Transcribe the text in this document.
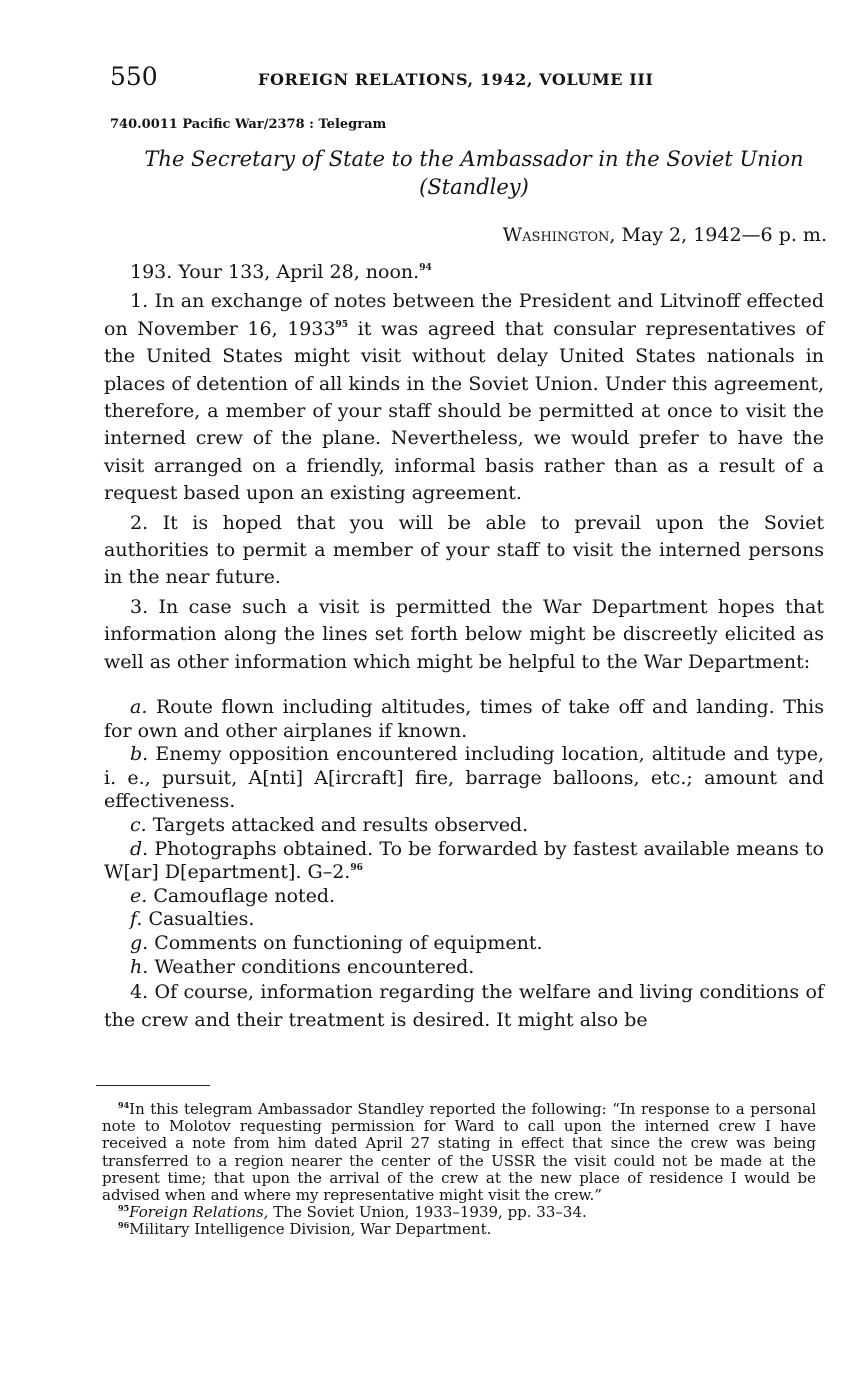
550	FOREIGN RELATIONS, 1942, VOLUME III
740.0011 Pacific War/2378 : Telegram
The Secretary of State to the Ambassador in the Soviet Union
(Standley)
Washington, May 2, 1942—6 p. m.

193. Your 133, April 28, noon.$^{94}$

1. In an exchange of notes between the President and Litvinoff effected on November 16, 1933$^{95}$ it was agreed that consular representatives of the United States might visit without delay United States nationals in places of detention of all kinds in the Soviet Union. Under this agreement, therefore, a member of your staff should be permitted at once to visit the interned crew of the plane. Nevertheless, we would prefer to have the visit arranged on a friendly, informal basis rather than as a result of a request based upon an existing agreement.

2. It is hoped that you will be able to prevail upon the Soviet authorities to permit a member of your staff to visit the interned persons in the near future.

3. In case such a visit is permitted the War Department hopes that information along the lines set forth below might be discreetly elicited as well as other information which might be helpful to the War Department:

a. Route flown including altitudes, times of take off and landing. This for own and other airplanes if known.

b. Enemy opposition encountered including location, altitude and type, i. e., pursuit, A[nti] A[ircraft] fire, barrage balloons, etc.; amount and effectiveness.

c. Targets attacked and results observed.

d. Photographs obtained. To be forwarded by fastest available means to W[ar] D[epartment]. G–2.96

e. Camouflage noted.

f. Casualties.

g. Comments on functioning of equipment.

h. Weather conditions encountered.

4. Of course, information regarding the welfare and living conditions of the crew and their treatment is desired. It might also be

$^{94}$In this telegram Ambassador Standley reported the following: “In response to a personal note to Molotov requesting permission for Ward to call upon the interned crew I have received a note from him dated April 27 stating in effect that since the crew was being transferred to a region nearer the center of the USSR the visit could not be made at the present time; that upon the arrival of the crew at the new place of residence I would be advised when and where my representative might visit the crew.”

$^{95}$Foreign Relations, The Soviet Union, 1933–1939, pp. 33–34.

$^{96}$Military Intelligence Division, War Department.
